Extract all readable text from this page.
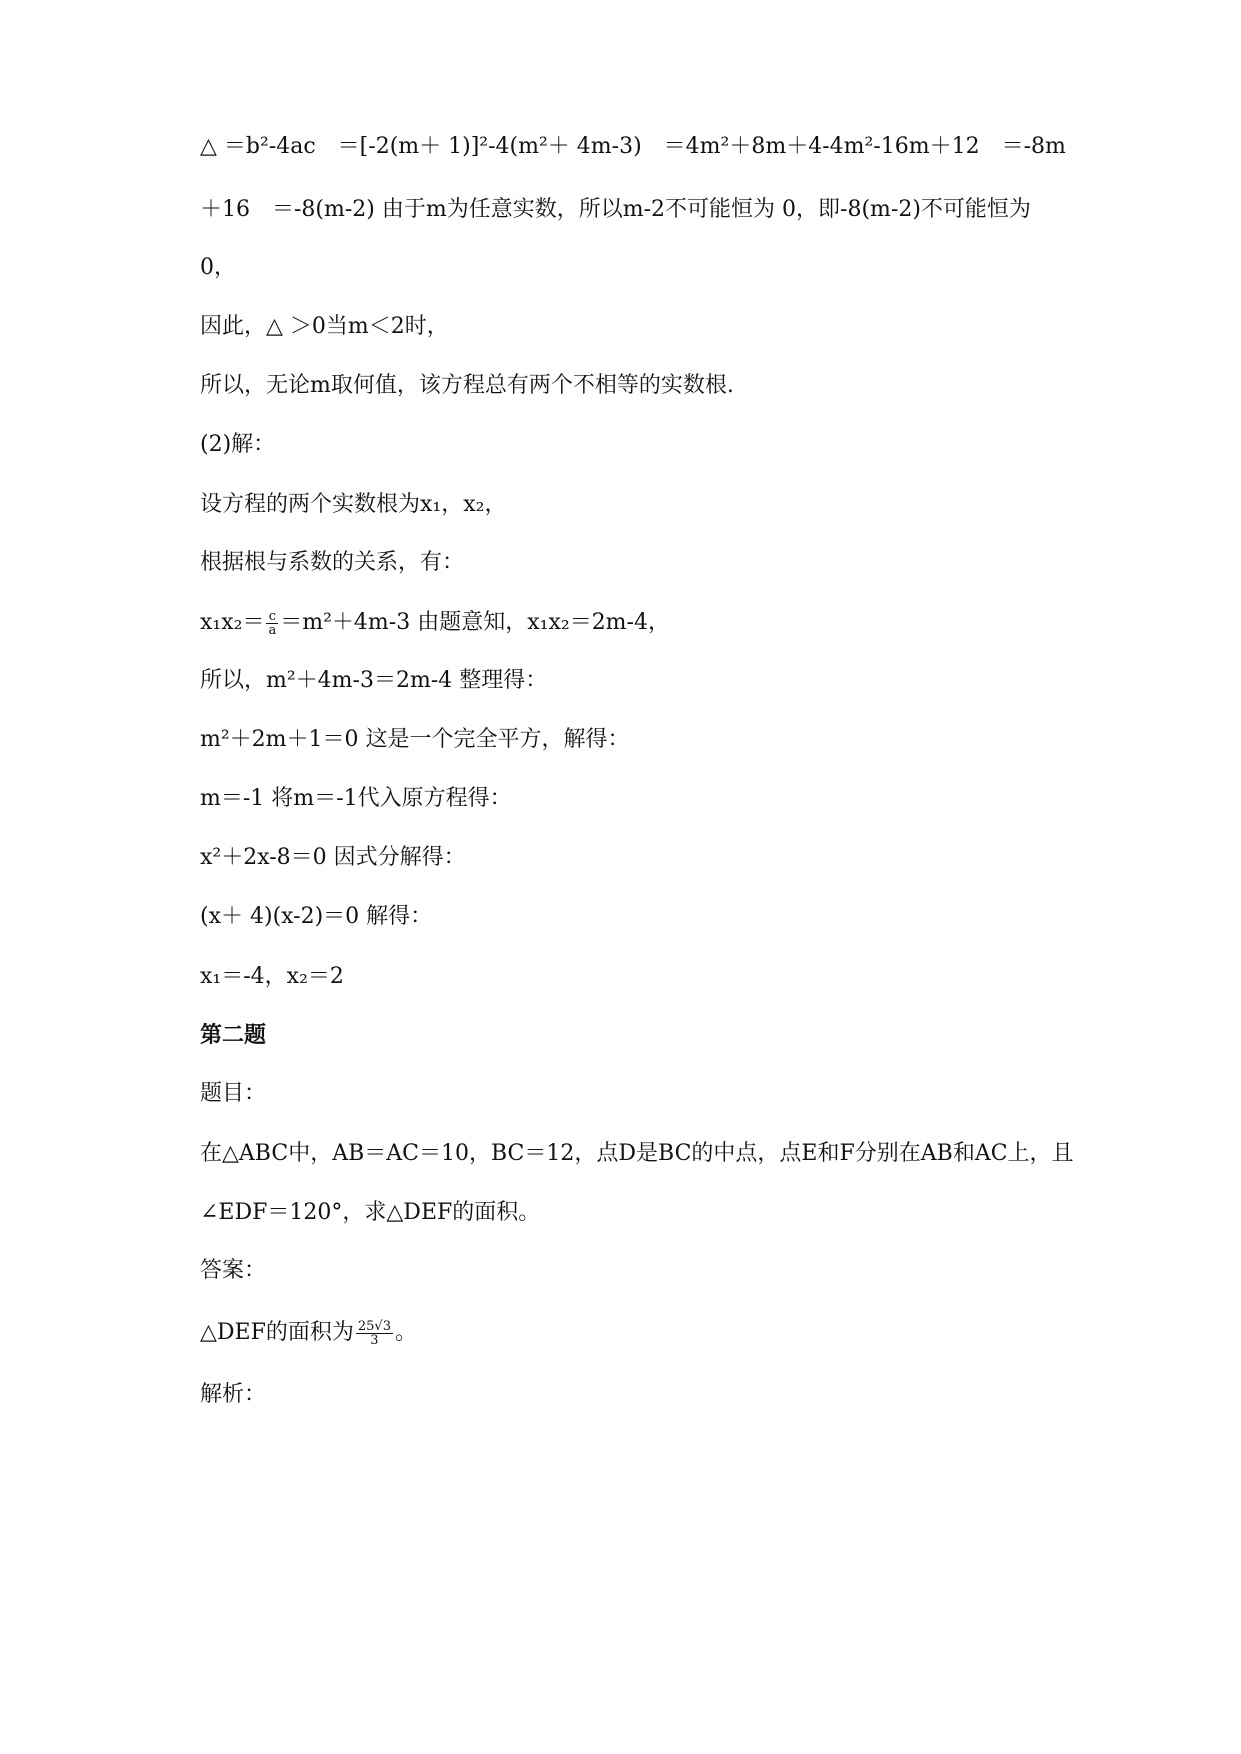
△ ＝b²-4ac　＝[-2(m＋ 1)]²-4(m²＋ 4m-3)　＝4m²＋8m＋4-4m²-16m＋12　＝-8m
＋16　＝-8(m-2) 由于m为任意实数，所以m-2不可能恒为 0，即-8(m-2)不可能恒为
0，
因此，△ ＞0当m＜2时，
所以，无论m取何值，该方程总有两个不相等的实数根.
(2)解：
设方程的两个实数根为x₁，x₂，
根据根与系数的关系，有：
$x_1x_2= \frac{c}{a} =m^2+4m-3$ 由题意知，x₁x₂＝2m-4，
所以，m²＋4m-3＝2m-4 整理得：
m²＋2m＋1＝0 这是一个完全平方，解得：
m＝-1 将m＝-1代入原方程得：
x²＋2x-8＝0 因式分解得：
(x＋ 4)(x-2)＝0 解得：
x₁＝-4，x₂＝2
第二题
题目：
在△ABC中，AB＝AC＝10，BC＝12，点D是BC的中点，点E和F分别在AB和AC上，且
∠EDF＝120°，求△DEF的面积。
答案：
△DEF的面积为 $\frac{25√3}{3}$ 。
解析：
